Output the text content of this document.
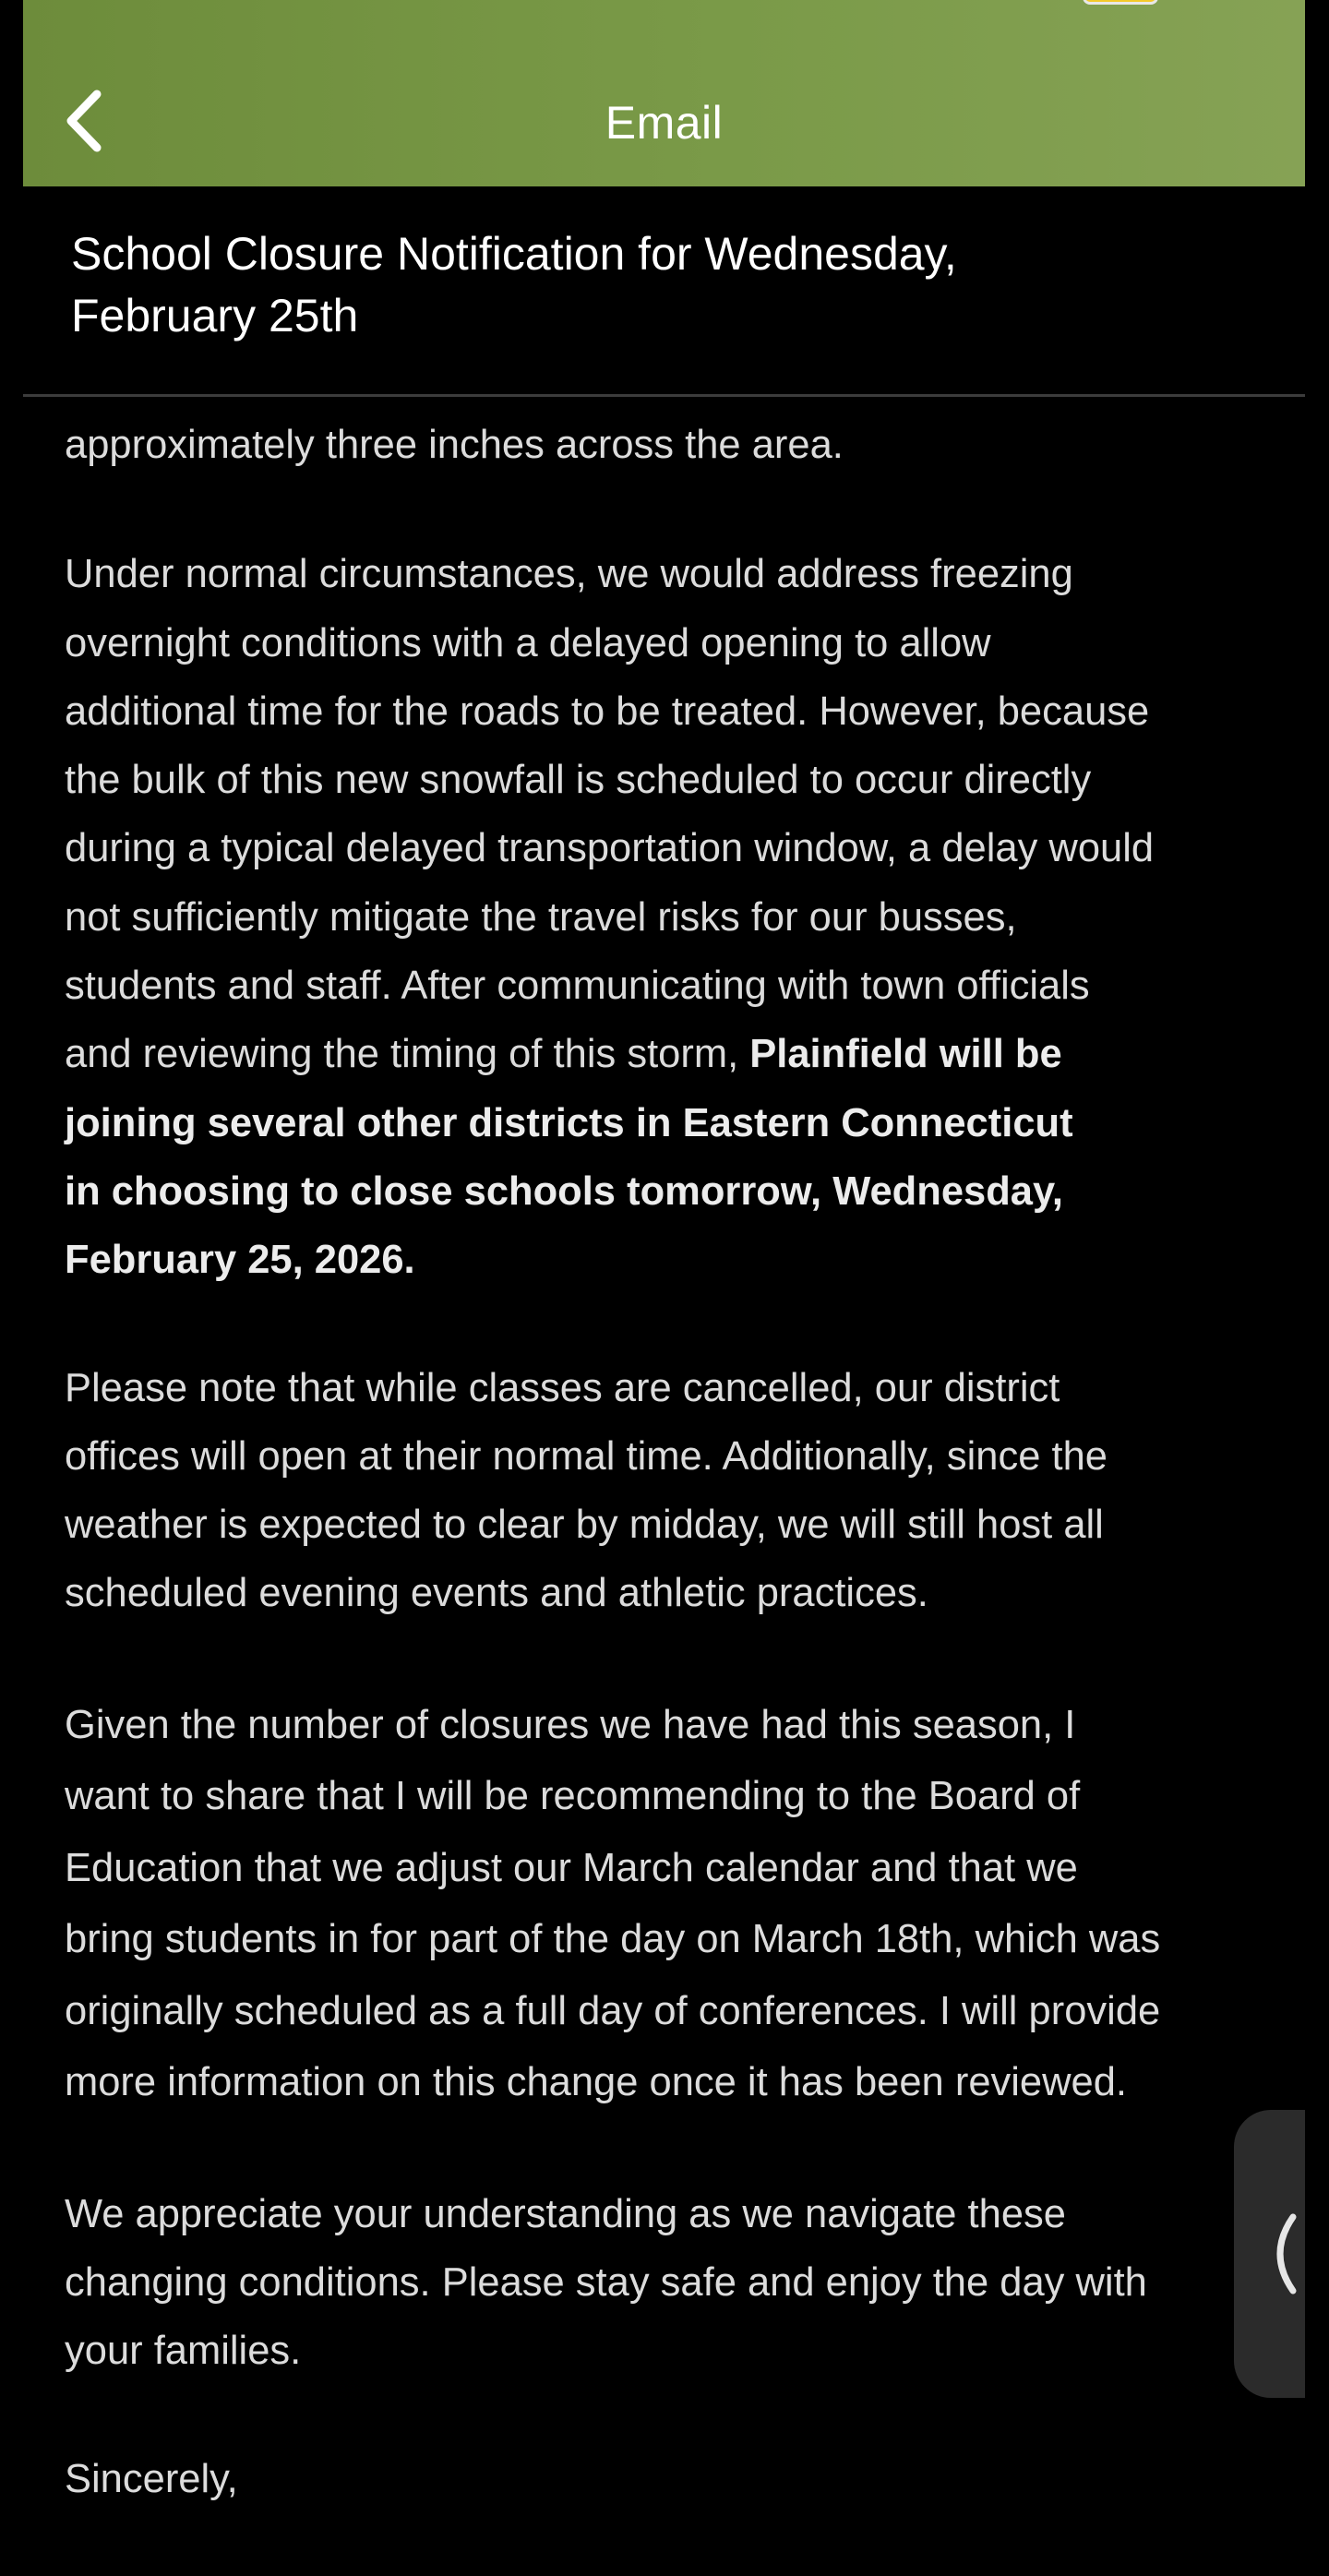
Email
School Closure Notification for Wednesday,
February 25th
approximately three inches across the area.
Under normal circumstances, we would address freezing
overnight conditions with a delayed opening to allow
additional time for the roads to be treated. However, because
the bulk of this new snowfall is scheduled to occur directly
during a typical delayed transportation window, a delay would
not sufficiently mitigate the travel risks for our busses,
students and staff. After communicating with town officials
and reviewing the timing of this storm, Plainfield will be
joining several other districts in Eastern Connecticut
in choosing to close schools tomorrow, Wednesday,
February 25, 2026.
Please note that while classes are cancelled, our district
offices will open at their normal time. Additionally, since the
weather is expected to clear by midday, we will still host all
scheduled evening events and athletic practices.
Given the number of closures we have had this season, I
want to share that I will be recommending to the Board of
Education that we adjust our March calendar and that we
bring students in for part of the day on March 18th, which was
originally scheduled as a full day of conferences. I will provide
more information on this change once it has been reviewed.
We appreciate your understanding as we navigate these
changing conditions. Please stay safe and enjoy the day with
your families.
Sincerely,
